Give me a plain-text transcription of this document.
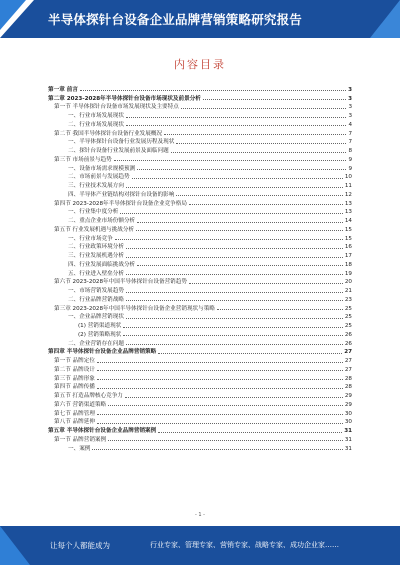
半导体探针台设备企业品牌营销策略研究报告
内容目录
第一章 前言	3
第二章 2023-2028年半导体探针台设备市场现状及前景分析	3
第一节 半导体探针台设备市场发展现状及主要特点	3
一、行业市场发展现状	3
二、行业市场发展现状	4
第二节 我国半导体探针台设备行业发展概况	7
一、半导体探针台设备行业发展历程及现状	7
二、探针台设备行业发展前景及面临问题	8
第三节 市场前景与趋势	9
一、设备市场需求规模预测	9
二、市场前景与发展趋势	10
三、行业技术发展方向	11
四、半导体产业链结构对探针台设备的影响	12
第四节 2023-2028年半导体探针台设备企业竞争格局	13
一、行业集中度分析	13
二、重点企业市场份额分析	14
第五节 行业发展机遇与挑战分析	15
一、行业市场竞争	15
二、行业政策环境分析	16
三、行业发展机遇分析	17
四、行业发展面临挑战分析	18
五、行业进入壁垒分析	19
第六节 2023-2028年中国半导体探针台设备营销趋势	20
一、市场营销发展趋势	21
二、行业品牌营销战略	23
第三章 2023-2028年中国半导体探针台设备企业营销现状与策略	25
一、企业品牌营销现状	25
(1) 营销渠道现状	25
(2) 营销策略现状	26
二、企业营销存在问题	26
第四章 半导体探针台设备企业品牌营销策略	27
第一节 品牌定位	27
第二节 品牌设计	27
第三节 品牌形象	28
第四节 品牌传播	28
第五节 打造品牌核心竞争力	29
第六节 营销渠道策略	29
第七节 品牌管理	30
第八节 品牌延伸	30
第五章 半导体探针台设备企业品牌营销案例	31
第一节 品牌营销案例	31
一、案例	31
- 1 -
让每个人都能成为	行业专家、管理专家、营销专家、战略专家、成功企业家……
